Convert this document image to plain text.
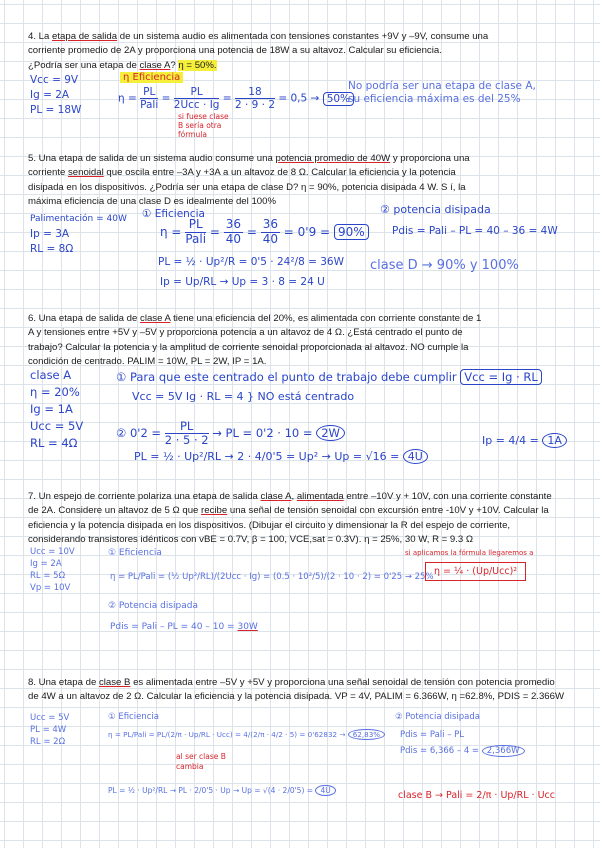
4. La etapa de salida de un sistema audio es alimentada con tensiones constantes +9V y –9V, consume una
corriente promedio de 2A y proporciona una potencia de 18W a su altavoz. Calcular su eficiencia.
¿Podría ser una etapa de clase A? η = 50%.
Vcc = 9V
Ig = 2A
PL = 18W
η Eficiencia
$\eta = \frac{PL}{\text{Pali}} = \frac{PL}{\text{2Ucc · Ig}} = \frac{18}{2 \cdot 9 \cdot 2} = 0,5 \to 50\%$
si fuese clase
B sería otra
fórmula
No podría ser una etapa de clase A,
su eficiencia máxima es del 25%
5. Una etapa de salida de un sistema audio consume una potencia promedio de 40W y proporciona una
corriente senoidal que oscila entre –3A y +3A a un altavoz de 8 Ω. Calcular la eficiencia y la potencia
disipada en los dispositivos. ¿Podría ser una etapa de clase D? η = 90%, potencia disipada 4 W. S í, la
máxima eficiencia de una clase D es idealmente del 100%
Palimentación = 40W
Ip = 3A
RL = 8Ω
① Eficiencia
$\eta = \frac{PL}{\text{Pali}} = \frac{36}{40} = \frac{36}{40} = 0'9 = 90\%$
② potencia disipada
Pdis = Pali – PL = 40 – 36 = 4W
PL = ½ · Up²/R = 0'5 · 24²/8 = 36W
Ip = Up/RL → Up = 3 · 8 = 24 U
clase D → 90% y 100%
6. Una etapa de salida de clase A tiene una eficiencia del 20%, es alimentada con corriente constante de 1
A y tensiones entre +5V y –5V y proporciona potencia a un altavoz de 4 Ω. ¿Está centrado el punto de
trabajo? Calcular la potencia y la amplitud de corriente senoidal proporcionada al altavoz. NO cumple la
condición de centrado. PALIM = 10W, PL = 2W, IP = 1A.
clase A
η = 20%
Ig = 1A
Ucc = 5V
RL = 4Ω
① Para que este centrado el punto de trabajo debe cumplir Vcc = Ig · RL
Vcc = 5V Ig · RL = 4 } NO está centrado
② $0'2 = \frac{PL}{2 \cdot 5 \cdot 2}$ → PL = 0'2 · 10 = 2W
PL = ½ · Up²/RL → 2 · 4/0'5 = Up² → Up = √16 = 4U
Ip = 4/4 = 1A
7. Un espejo de corriente polariza una etapa de salida clase A, alimentada entre –10V y + 10V, con una corriente constante
de 2A. Considere un altavoz de 5 Ω que recibe una señal de tensión senoidal con excursión entre -10V y +10V. Calcular la
eficiencia y la potencia disipada en los dispositivos. (Dibujar el circuito y dimensionar la R del espejo de corriente,
considerando transistores idénticos con vBE = 0.7V, β = 100, VCE,sat = 0.3V). η = 25%, 30 W, R = 9.3 Ω
Ucc = 10V
Ig = 2A
RL = 5Ω
Vp = 10V
① Eficiencia
η = PL/Pali = (½ Up²/RL)/(2Ucc · Ig) = (0.5 · 10²/5)/(2 · 10 · 2) = 0'25 → 25%
si aplicamos la fórmula llegaremos a
η = ¼ · (Up/Ucc)²
② Potencia disipada
Pdis = Pali – PL = 40 – 10 = 30W
8. Una etapa de clase B es alimentada entre –5V y +5V y proporciona una señal senoidal de tensión con potencia promedio
de 4W a un altavoz de 2 Ω. Calcular la eficiencia y la potencia disipada. VP = 4V, PALIM = 6.366W, η =62.8%, PDIS = 2.366W
Ucc = 5V
PL = 4W
RL = 2Ω
① Eficiencia
η = PL/Pali = PL/(2/π · Up/RL · Ucc) = 4/(2/π · 4/2 · 5) = 0'62832 → 62,83%
al ser clase B
cambia
PL = ½ · Up²/RL → PL · 2/0'5 · Up → Up = √(4 · 2/0'5) = 4U
② Potencia disipada
Pdis = Pali – PL
Pdis = 6,366 – 4 = 2,366W
clase B → Pali = 2/π · Up/RL · Ucc
